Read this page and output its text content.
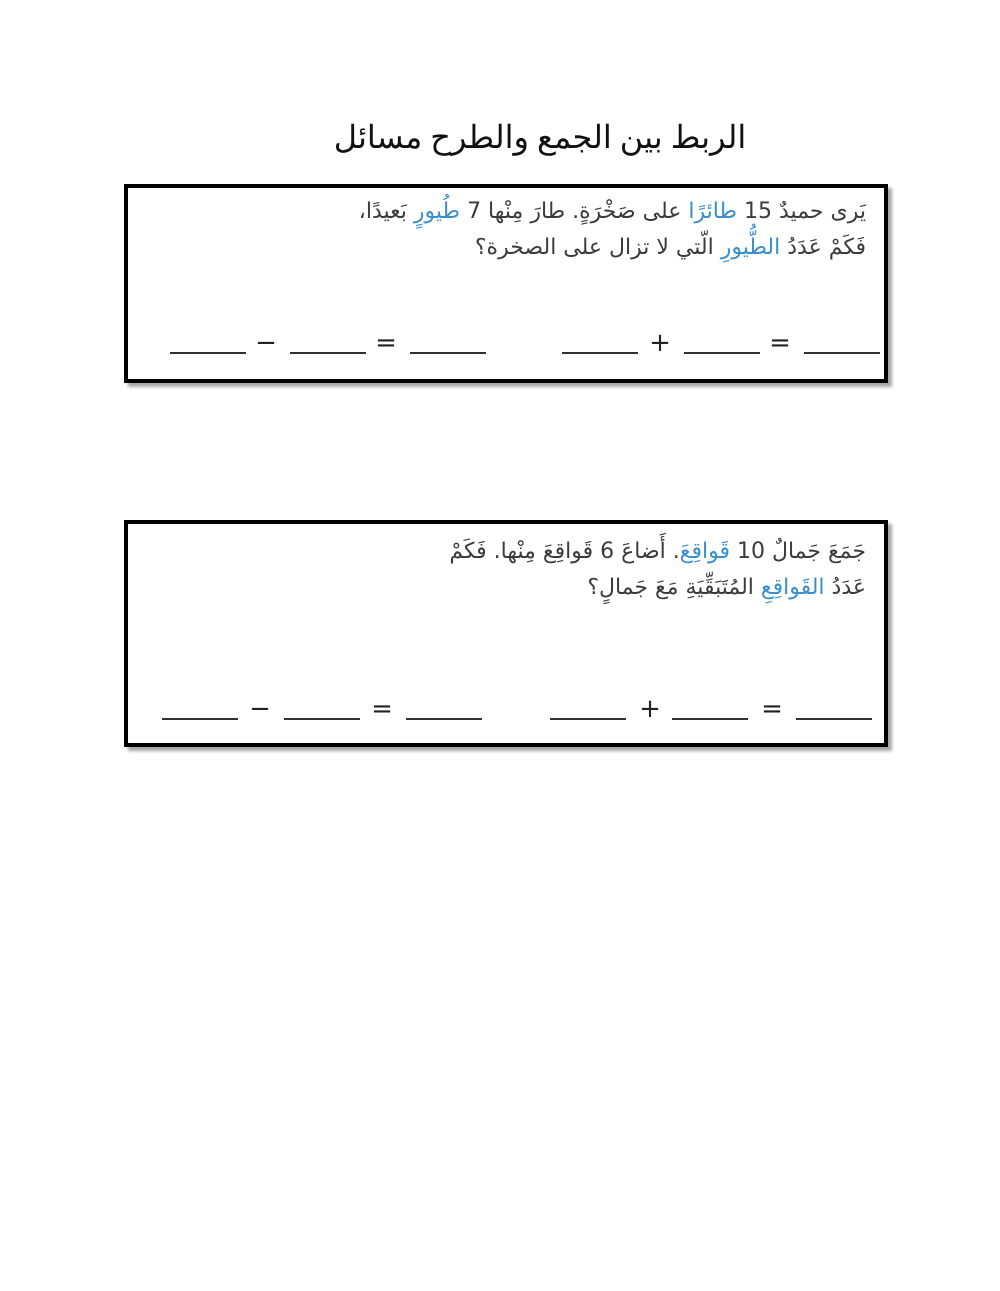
الربط بين الجمع والطرح مسائل
يَرى حميدٌ 15 طائرًا على صَخْرَةٍ. طارَ مِنْها 7 طُيورٍ بَعيدًا،
فَكَمْ عَدَدُ الطُّيورِ الّتي لا تزال على الصخرة؟
−	=	+	=
جَمَعَ جَمالٌ 10 قَواقِعَ. أَضاعَ 6 قَواقِعَ مِنْها. فَكَمْ
عَدَدُ القَواقِعِ المُتَبَقِّيَةِ مَعَ جَمالٍ؟
−	=	+	=
